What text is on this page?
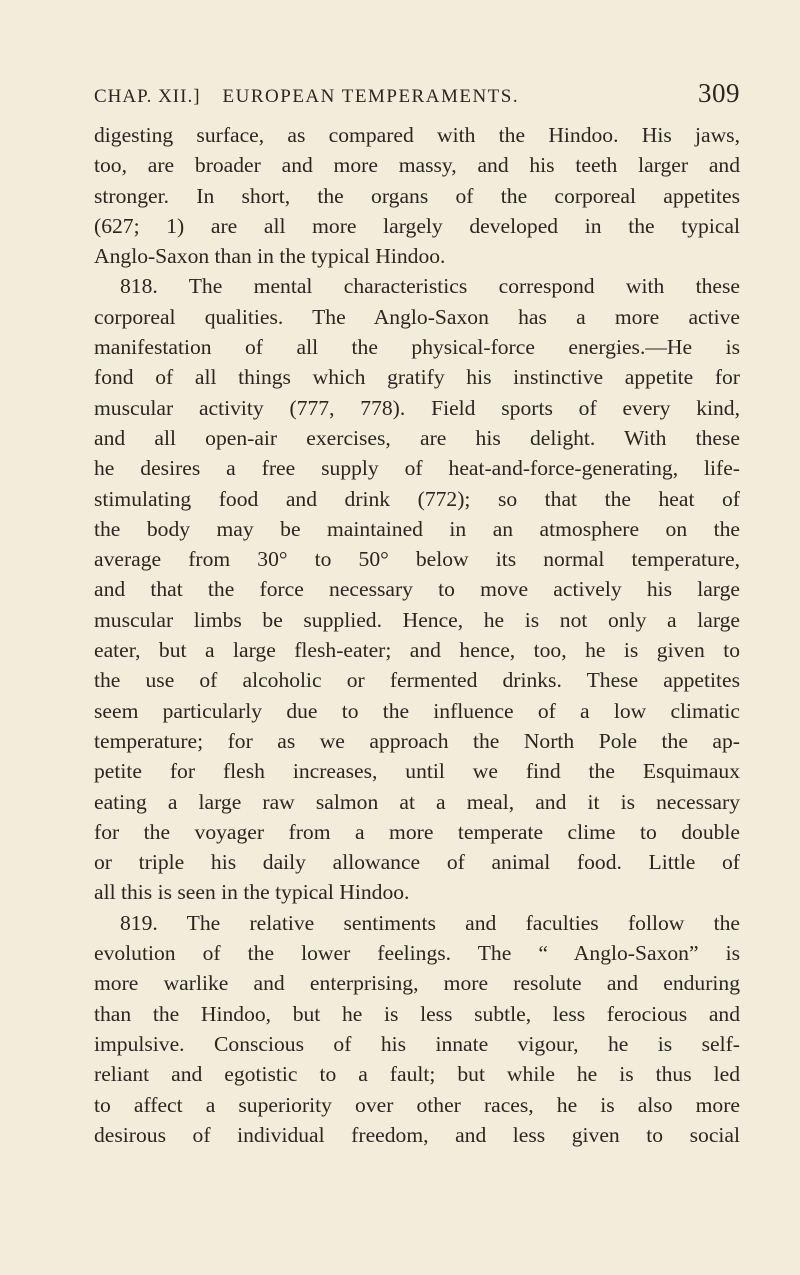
CHAP. XII.] EUROPEAN TEMPERAMENTS.	309
digesting surface, as compared with the Hindoo. His jaws,
too, are broader and more massy, and his teeth larger and
stronger. In short, the organs of the corporeal appetites
(627; 1) are all more largely developed in the typical
Anglo-Saxon than in the typical Hindoo.
818. The mental characteristics correspond with these
corporeal qualities. The Anglo-Saxon has a more active
manifestation of all the physical-force energies.—He is
fond of all things which gratify his instinctive appetite for
muscular activity (777, 778). Field sports of every kind,
and all open-air exercises, are his delight. With these
he desires a free supply of heat-and-force-generating, life-
stimulating food and drink (772); so that the heat of
the body may be maintained in an atmosphere on the
average from 30° to 50° below its normal temperature,
and that the force necessary to move actively his large
muscular limbs be supplied. Hence, he is not only a large
eater, but a large flesh-eater; and hence, too, he is given to
the use of alcoholic or fermented drinks. These appetites
seem particularly due to the influence of a low climatic
temperature; for as we approach the North Pole the ap-
petite for flesh increases, until we find the Esquimaux
eating a large raw salmon at a meal, and it is necessary
for the voyager from a more temperate clime to double
or triple his daily allowance of animal food. Little of
all this is seen in the typical Hindoo.
819. The relative sentiments and faculties follow the
evolution of the lower feelings. The “ Anglo-Saxon” is
more warlike and enterprising, more resolute and enduring
than the Hindoo, but he is less subtle, less ferocious and
impulsive. Conscious of his innate vigour, he is self-
reliant and egotistic to a fault; but while he is thus led
to affect a superiority over other races, he is also more
desirous of individual freedom, and less given to social
